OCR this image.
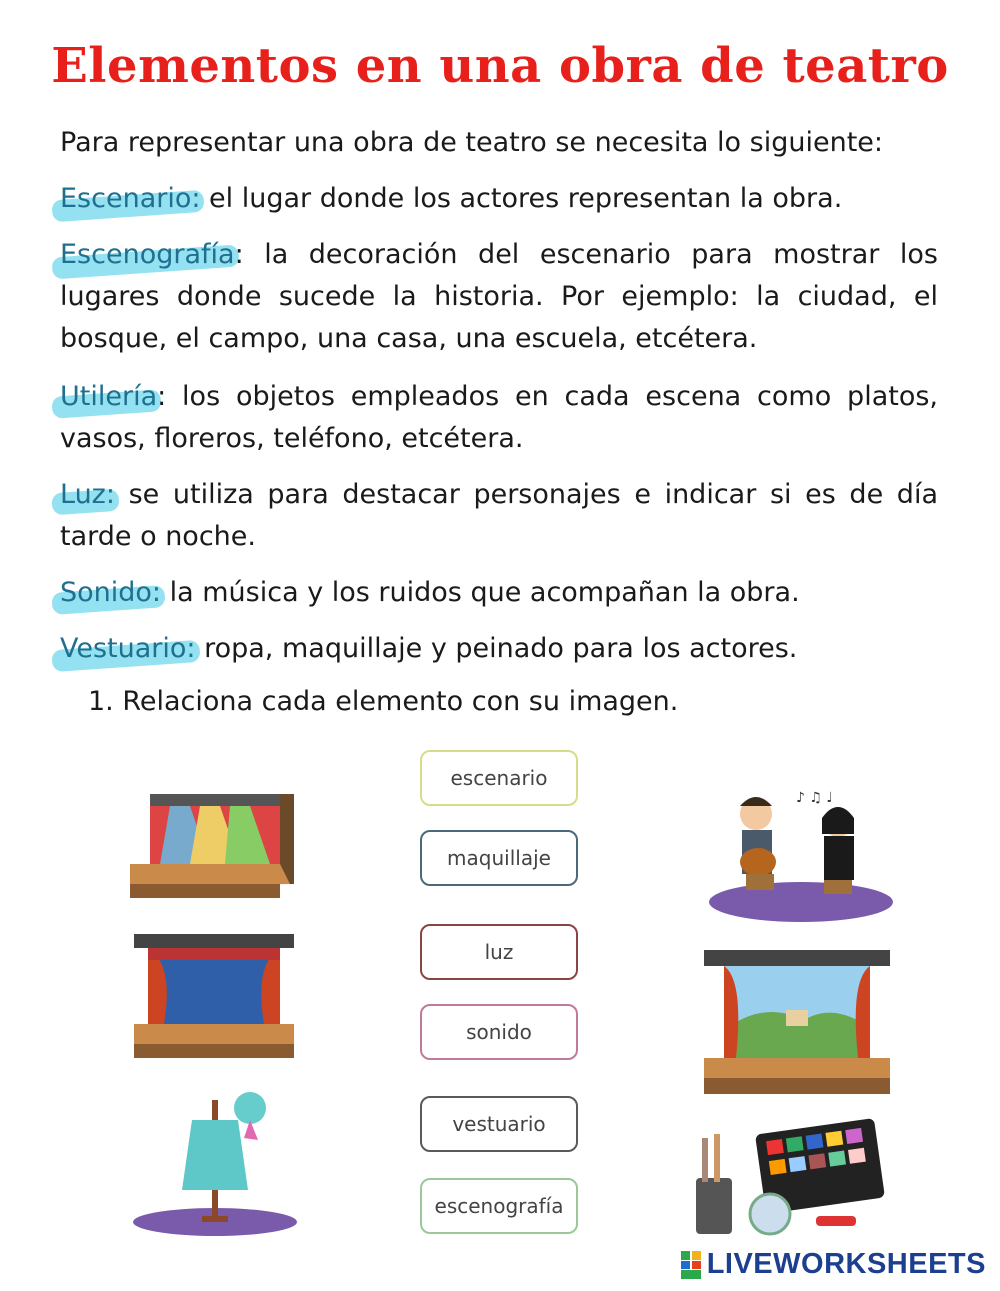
Elementos en una obra de teatro
Para representar una obra de teatro se necesita lo siguiente:
Escenario: el lugar donde los actores representan la obra.
Escenografía: la decoración del escenario para mostrar los lugares donde sucede la historia. Por ejemplo: la ciudad, el bosque, el campo, una casa, una escuela, etcétera.
Utilería: los objetos empleados en cada escena como platos, vasos, floreros, teléfono, etcétera.
Luz: se utiliza para destacar personajes e indicar si es de día tarde o noche.
Sonido: la música y los ruidos que acompañan la obra.
Vestuario: ropa, maquillaje y peinado para los actores.
1. Relaciona cada elemento con su imagen.
escenario
maquillaje
luz
sonido
vestuario
escenografía
♪ ♫ ♩
LIVEWORKSHEETS
